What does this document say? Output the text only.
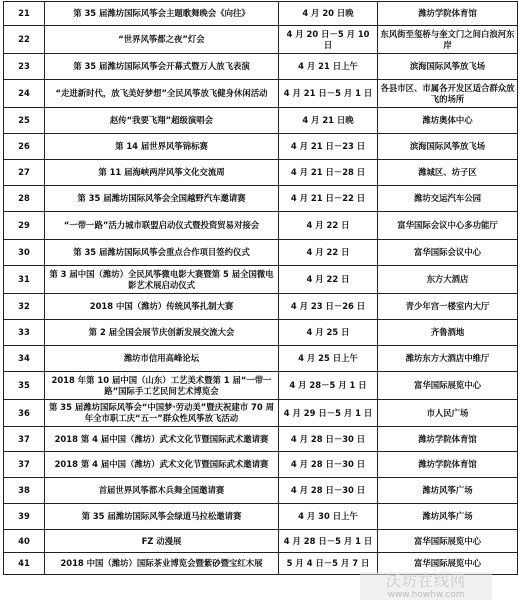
21	第 35 届潍坊国际风筝会主题歌舞晚会《向往》	4 月 20 日晚	潍坊学院体育馆
22	“世界风筝都之夜”灯会	4 月 20 日－5 月 10 日	东风街至玺桥与奎文门之间白浪河东岸
23	第 35 届潍坊国际风筝会开幕式暨万人放飞表演	4 月 21 日上午	滨海国际风筝放飞场
24	“走进新时代，放飞美好梦想”全民风筝放飞健身休闲活动	4 月 21 日－5 月 1 日	各县市区、市属各开发区适合群众放飞的场所
25	赵传“我要飞翔”超级演唱会	4 月 21 日晚	潍坊奥体中心
26	第 14 届世界风筝锦标赛	4 月 21 日－23 日	滨海国际风筝放飞场
27	第 11 届海峡两岸风筝文化交流周	4 月 21 日－28 日	潍城区、坊子区
28	第 35 届潍坊国际风筝会全国越野汽车邀请赛	4 月 21 日－22 日	潍坊交运汽车公园
29	“一带一路”活力城市联盟启动仪式暨投资贸易对接会	4 月 22 日	富华国际会议中心多功能厅
30	第 35 届潍坊国际风筝会重点合作项目签约仪式	4 月 22 日	富华国际会议中心
31	第 3 届中国（潍坊）全民风筝微电影大赛暨第 5 届全国微电影艺术展启动仪式	4 月 22 日	东方大酒店
32	2018 中国（潍坊）传统风筝扎制大赛	4 月 23 日－26 日	青少年宫一楼室内大厅
33	第 2 届全国会展节庆创新发展交流大会	4 月 25 日	齐鲁酒地
34	潍坊市信用高峰论坛	4 月 25 日上午	潍坊东方大酒店中维厅
35	2018 年第 10 届中国（山东）工艺美术暨第 1 届“一带一路”国际手工艺民间艺术博览会	4 月 28－5 月 1 日	富华国际展览中心
36	第 35 届潍坊国际风筝会“中国梦·劳动美”暨庆祝建市 70 周年全市职工庆“五一”群众性风筝放飞活动	4 月 29 日－5 月 1 日	市人民广场
37	2018 第 4 届中国（潍坊）武术文化节暨国际武术邀请赛	4 月 28 日－30 日	潍坊学院体育馆
37	2018 第 4 届中国（潍坊）武术文化节暨国际武术邀请赛	4 月 28 日－30 日	潍坊学院体育馆
38	首届世界风筝都木兵舞全国邀请赛	4 月 28 日－30 日	潍坊风筝广场
39	第 35 届潍坊国际风筝会绿道马拉松邀请赛	4 月 30 日上午	潍坊风筝广场
40	FZ 动漫展	4 月 28 日－5 月 1 日	富华国际展览中心
41	2018 中国（潍坊）国际茶业博览会暨紫砂暨宝红木展	5 月 4 日－5 月 7 日	富华国际展览中心
沃坊在线网
www.howhw.com
